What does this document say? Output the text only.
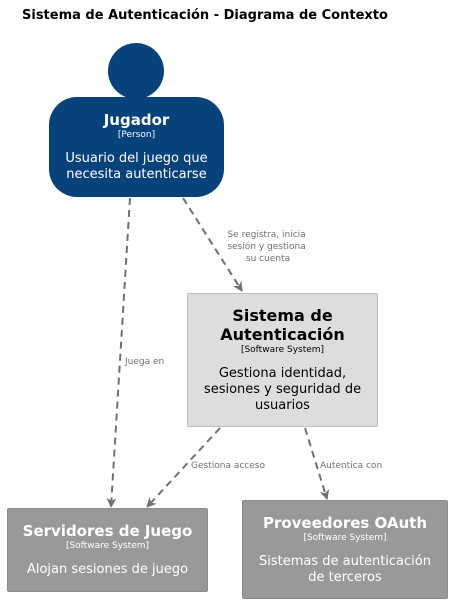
Sistema de Autenticación - Diagrama de Contexto
Se registra, inicia sesión y gestiona su cuenta
Juega en
Gestiona acceso	Autentica con
Jugador
[Person]
Usuario del juego que
necesita autenticarse
Sistema de
Autenticación
[Software System]
Gestiona identidad,
sesiones y seguridad de
usuarios
Servidores de Juego
[Software System]
Alojan sesiones de juego
Proveedores OAuth
[Software System]
Sistemas de autenticación
de terceros
